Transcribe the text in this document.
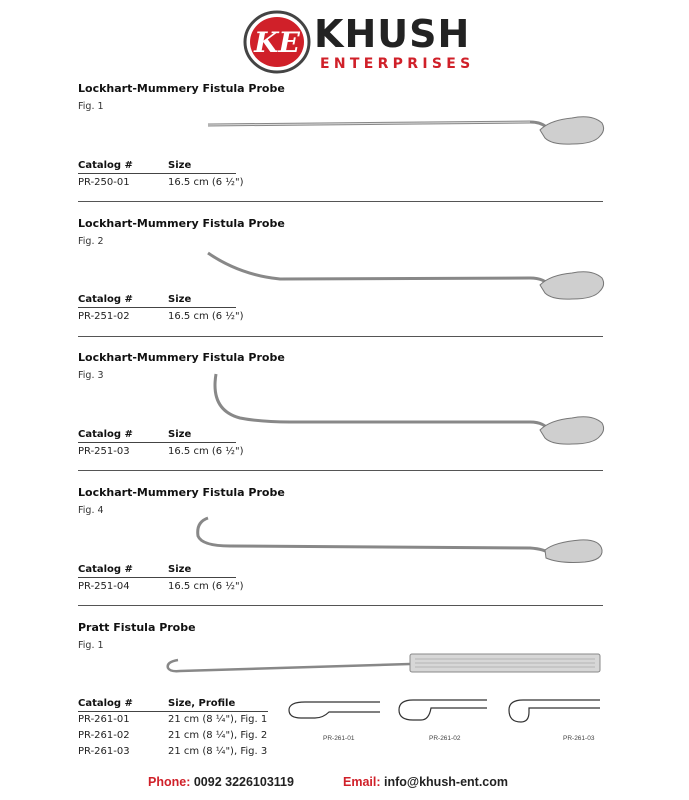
KE KHUSH
ENTERPRISES
Lockhart-Mummery Fistula Probe
Fig. 1
Catalog #	Size
PR-250-01	16.5 cm (6 ½")
Lockhart-Mummery Fistula Probe
Fig. 2
Catalog #	Size
PR-251-02	16.5 cm (6 ½")
Lockhart-Mummery Fistula Probe
Fig. 3
Catalog #	Size
PR-251-03	16.5 cm (6 ½")
Lockhart-Mummery Fistula Probe
Fig. 4
Catalog #	Size
PR-251-04	16.5 cm (6 ½")
Pratt Fistula Probe
Fig. 1
Catalog #	Size, Profile
PR-261-01	21 cm (8 ¼"), Fig. 1
PR-261-02	21 cm (8 ¼"), Fig. 2
PR-261-03	21 cm (8 ¼"), Fig. 3
PR-261-01	PR-261-02	PR-261-03
Phone: 0092 3226103119	Email: info@khush-ent.com
